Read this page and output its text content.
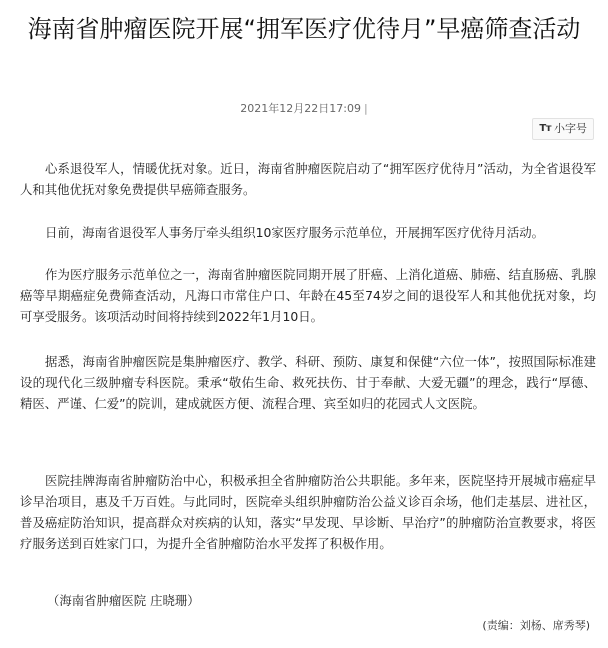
海南省肿瘤医院开展“拥军医疗优待月”早癌筛查活动
2021年12月22日17:09 |
Tт 小字号

心系退役军人，情暖优抚对象。近日，海南省肿瘤医院启动了“拥军医疗优待月”活动，为全省退役军人和其他优抚对象免费提供早癌筛查服务。

日前，海南省退役军人事务厅牵头组织10家医疗服务示范单位，开展拥军医疗优待月活动。

作为医疗服务示范单位之一，海南省肿瘤医院同期开展了肝癌、上消化道癌、肺癌、结直肠癌、乳腺癌等早期癌症免费筛查活动，凡海口市常住户口、年龄在45至74岁之间的退役军人和其他优抚对象，均可享受服务。该项活动时间将持续到2022年1月10日。

据悉，海南省肿瘤医院是集肿瘤医疗、教学、科研、预防、康复和保健“六位一体”，按照国际标准建设的现代化三级肿瘤专科医院。秉承“敬佑生命、救死扶伤、甘于奉献、大爱无疆”的理念，践行“厚德、精医、严谨、仁爱”的院训，建成就医方便、流程合理、宾至如归的花园式人文医院。

医院挂牌海南省肿瘤防治中心，积极承担全省肿瘤防治公共职能。多年来，医院坚持开展城市癌症早诊早治项目，惠及千万百姓。与此同时，医院牵头组织肿瘤防治公益义诊百余场，他们走基层、进社区，普及癌症防治知识，提高群众对疾病的认知，落实“早发现、早诊断、早治疗”的肿瘤防治宣教要求，将医疗服务送到百姓家门口，为提升全省肿瘤防治水平发挥了积极作用。

（海南省肿瘤医院 庄晓珊）

(责编：刘杨、席秀琴)
